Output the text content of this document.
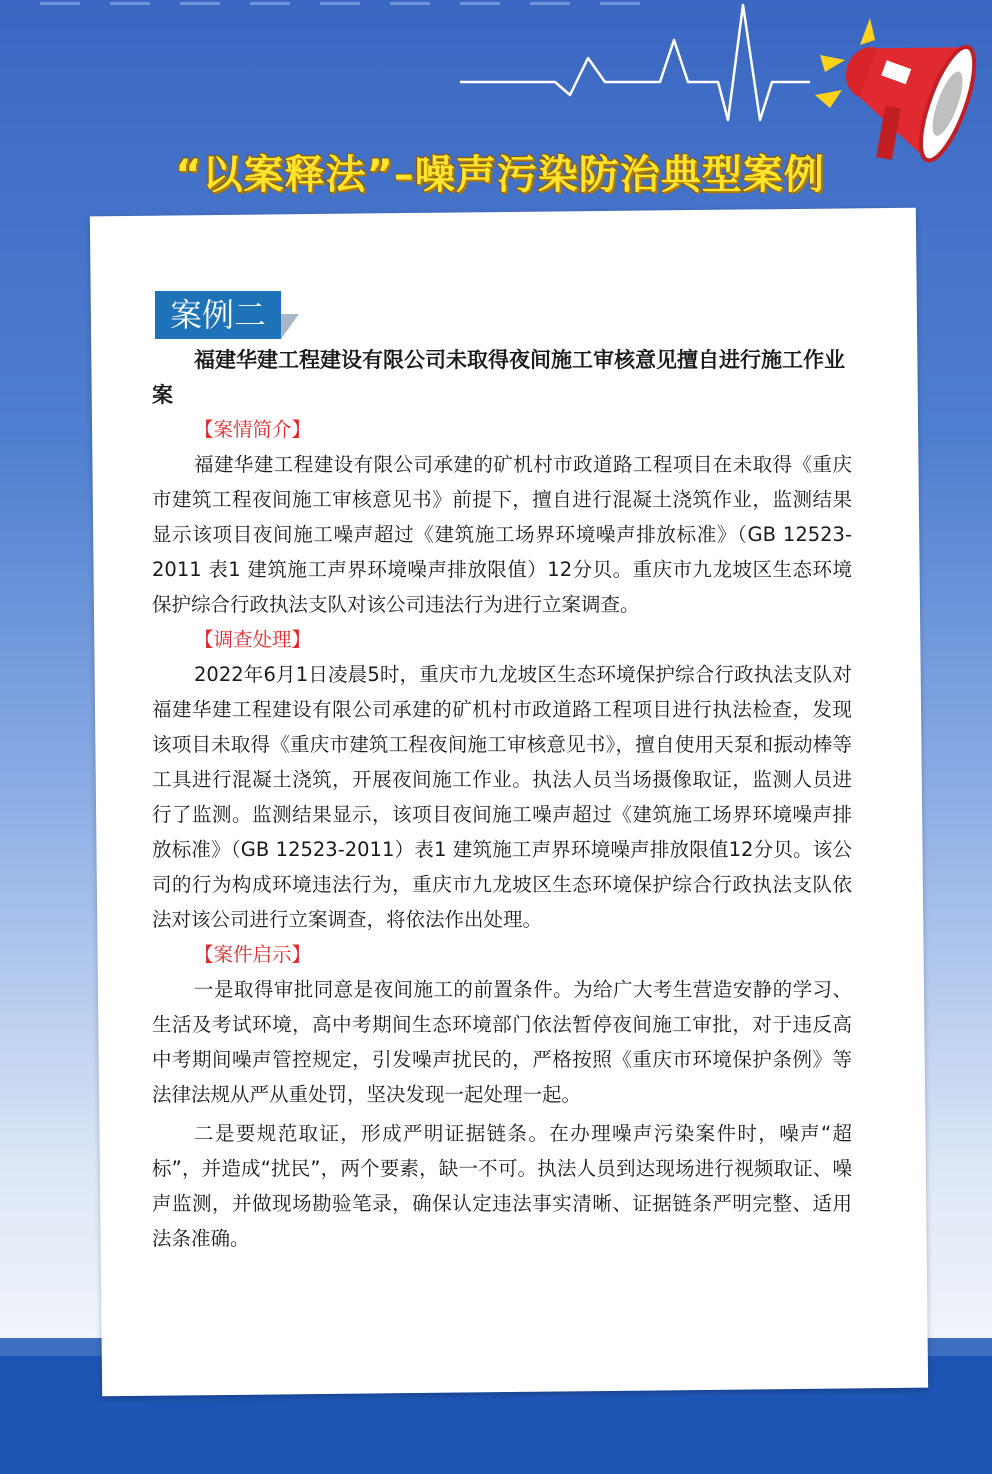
“以案释法”–噪声污染防治典型案例
案例二

福建华建工程建设有限公司未取得夜间施工审核意见擅自进行施工作业案

【案情简介】

福建华建工程建设有限公司承建的矿机村市政道路工程项目在未取得《重庆市建筑工程夜间施工审核意见书》前提下，擅自进行混凝土浇筑作业，监测结果显示该项目夜间施工噪声超过《建筑施工场界环境噪声排放标准》（GB 12523-2011 表1 建筑施工声界环境噪声排放限值）12分贝。重庆市九龙坡区生态环境保护综合行政执法支队对该公司违法行为进行立案调查。

【调查处理】

2022年6月1日凌晨5时，重庆市九龙坡区生态环境保护综合行政执法支队对福建华建工程建设有限公司承建的矿机村市政道路工程项目进行执法检查，发现该项目未取得《重庆市建筑工程夜间施工审核意见书》，擅自使用天泵和振动棒等工具进行混凝土浇筑，开展夜间施工作业。执法人员当场摄像取证，监测人员进行了监测。监测结果显示，该项目夜间施工噪声超过《建筑施工场界环境噪声排放标准》（GB 12523-2011）表1 建筑施工声界环境噪声排放限值12分贝。该公司的行为构成环境违法行为，重庆市九龙坡区生态环境保护综合行政执法支队依法对该公司进行立案调查，将依法作出处理。

【案件启示】

一是取得审批同意是夜间施工的前置条件。为给广大考生营造安静的学习、生活及考试环境，高中考期间生态环境部门依法暂停夜间施工审批，对于违反高中考期间噪声管控规定，引发噪声扰民的，严格按照《重庆市环境保护条例》等法律法规从严从重处罚，坚决发现一起处理一起。

二是要规范取证，形成严明证据链条。在办理噪声污染案件时，噪声“超标”，并造成“扰民”，两个要素，缺一不可。执法人员到达现场进行视频取证、噪声监测，并做现场勘验笔录，确保认定违法事实清晰、证据链条严明完整、适用法条准确。
